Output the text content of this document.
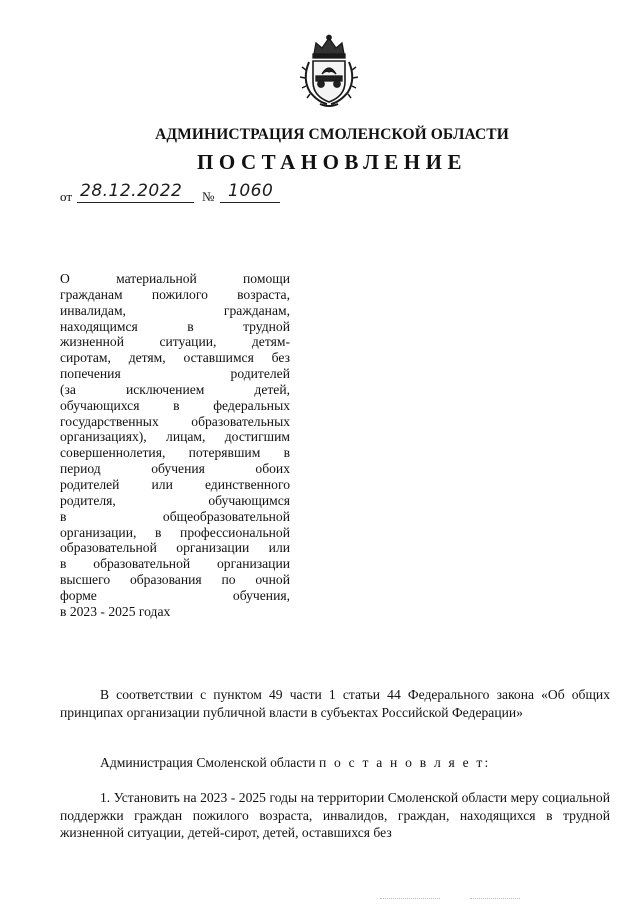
АДМИНИСТРАЦИЯ СМОЛЕНСКОЙ ОБЛАСТИ
ПОСТАНОВЛЕНИЕ
от 28.12.2022 № 1060
О материальной помощи
гражданам пожилого возраста,
инвалидам, гражданам,
находящимся в трудной
жизненной ситуации, детям-
сиротам, детям, оставшимся без
попечения родителей
(за исключением детей,
обучающихся в федеральных
государственных образовательных
организациях), лицам, достигшим
совершеннолетия, потерявшим в
период обучения обоих
родителей или единственного
родителя, обучающимся
в общеобразовательной
организации, в профессиональной
образовательной организации или
в образовательной организации
высшего образования по очной
форме обучения,
в 2023 - 2025 годах
В соответствии с пунктом 49 части 1 статьи 44 Федерального закона «Об общих принципах организации публичной власти в субъектах Российской Федерации»
Администрация Смоленской области п о с т а н о в л я е т:
1. Установить на 2023 - 2025 годы на территории Смоленской области меру социальной поддержки граждан пожилого возраста, инвалидов, граждан, находящихся в трудной жизненной ситуации, детей-сирот, детей, оставшихся без
